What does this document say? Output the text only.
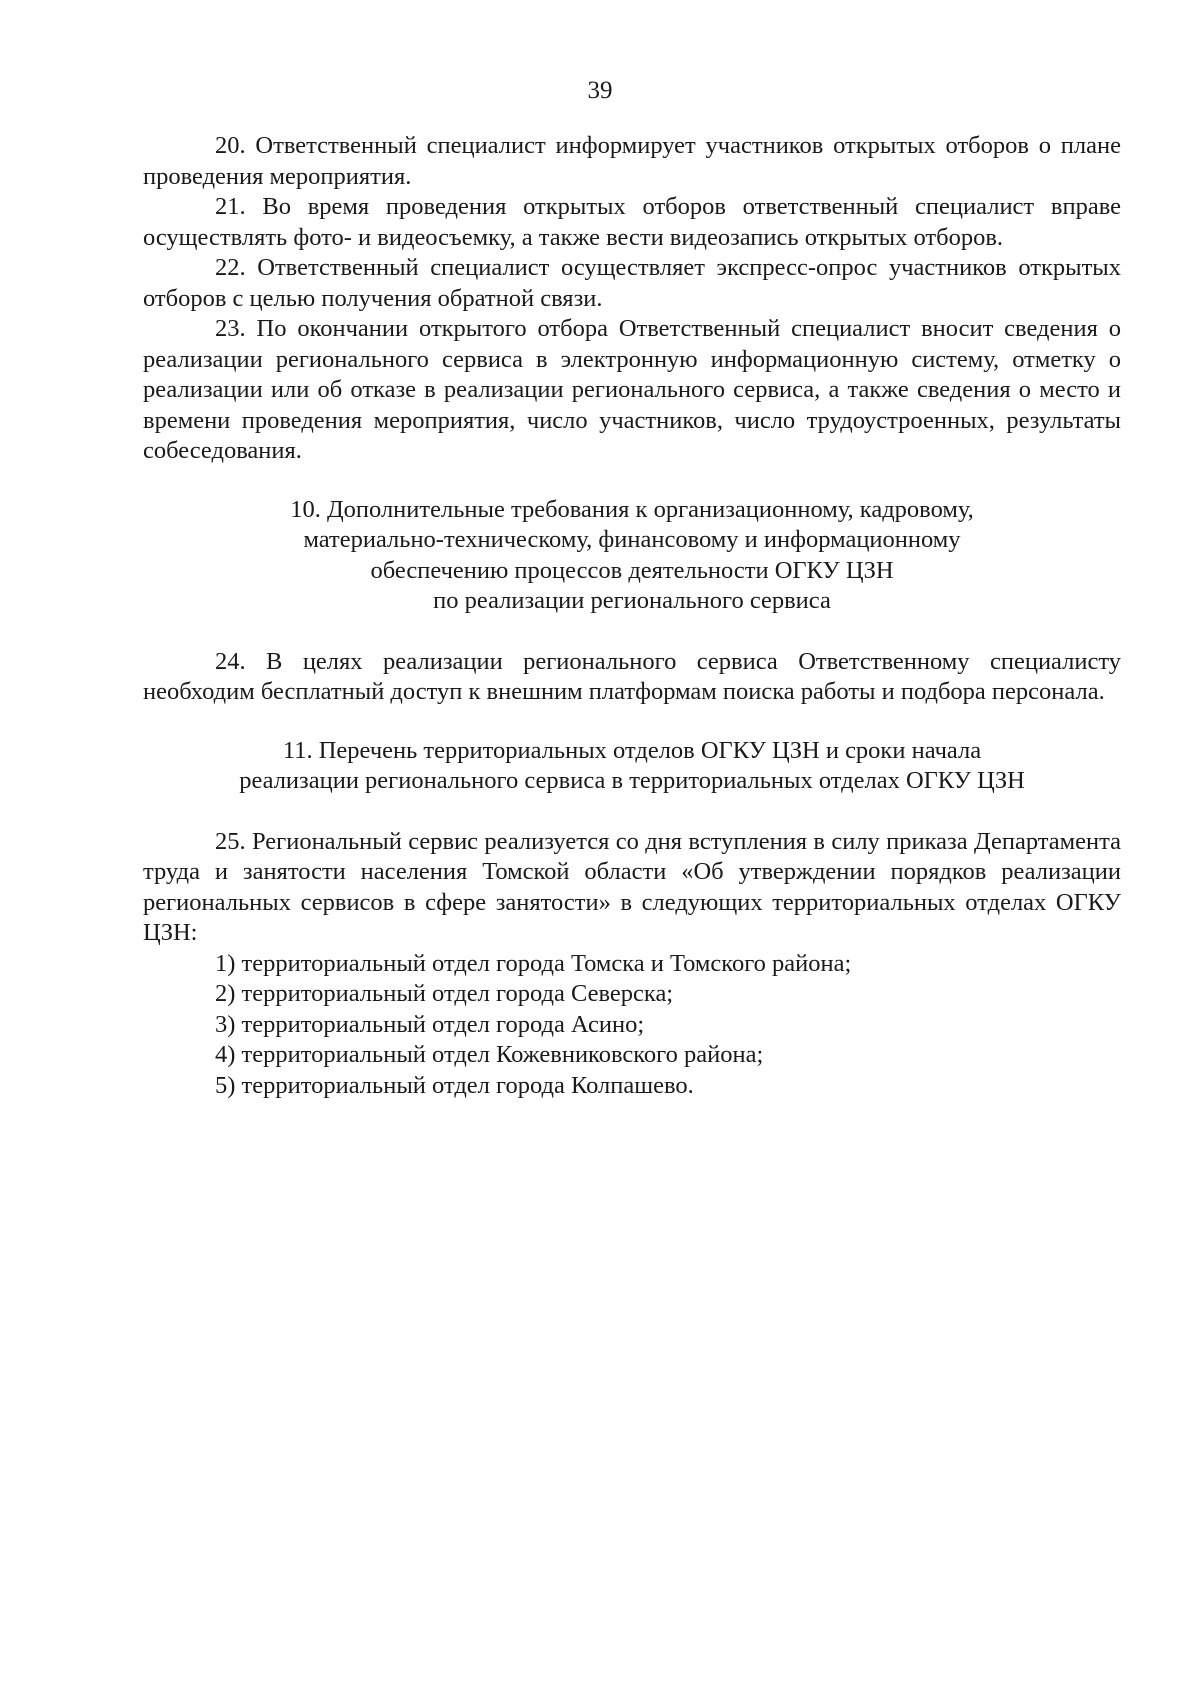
39

20. Ответственный специалист информирует участников открытых отборов о плане проведения мероприятия.

21. Во время проведения открытых отборов ответственный специалист вправе осуществлять фото- и видеосъемку, а также вести видеозапись открытых отборов.

22. Ответственный специалист осуществляет экспресс-опрос участников открытых отборов с целью получения обратной связи.

23. По окончании открытого отбора Ответственный специалист вносит сведения о реализации регионального сервиса в электронную информационную систему, отметку о реализации или об отказе в реализации регионального сервиса, а также сведения о место и времени проведения мероприятия, число участников, число трудоустроенных, результаты собеседования.

10. Дополнительные требования к организационному, кадровому,
материально-техническому, финансовому и информационному
обеспечению процессов деятельности ОГКУ ЦЗН
по реализации регионального сервиса

24. В целях реализации регионального сервиса Ответственному специалисту необходим бесплатный доступ к внешним платформам поиска работы и подбора персонала.

11. Перечень территориальных отделов ОГКУ ЦЗН и сроки начала
реализации регионального сервиса в территориальных отделах ОГКУ ЦЗН

25. Региональный сервис реализуется со дня вступления в силу приказа Департамента труда и занятости населения Томской области «Об утверждении порядков реализации региональных сервисов в сфере занятости» в следующих территориальных отделах ОГКУ ЦЗН:

1) территориальный отдел города Томска и Томского района;
2) территориальный отдел города Северска;
3) территориальный отдел города Асино;
4) территориальный отдел Кожевниковского района;
5) территориальный отдел города Колпашево.
